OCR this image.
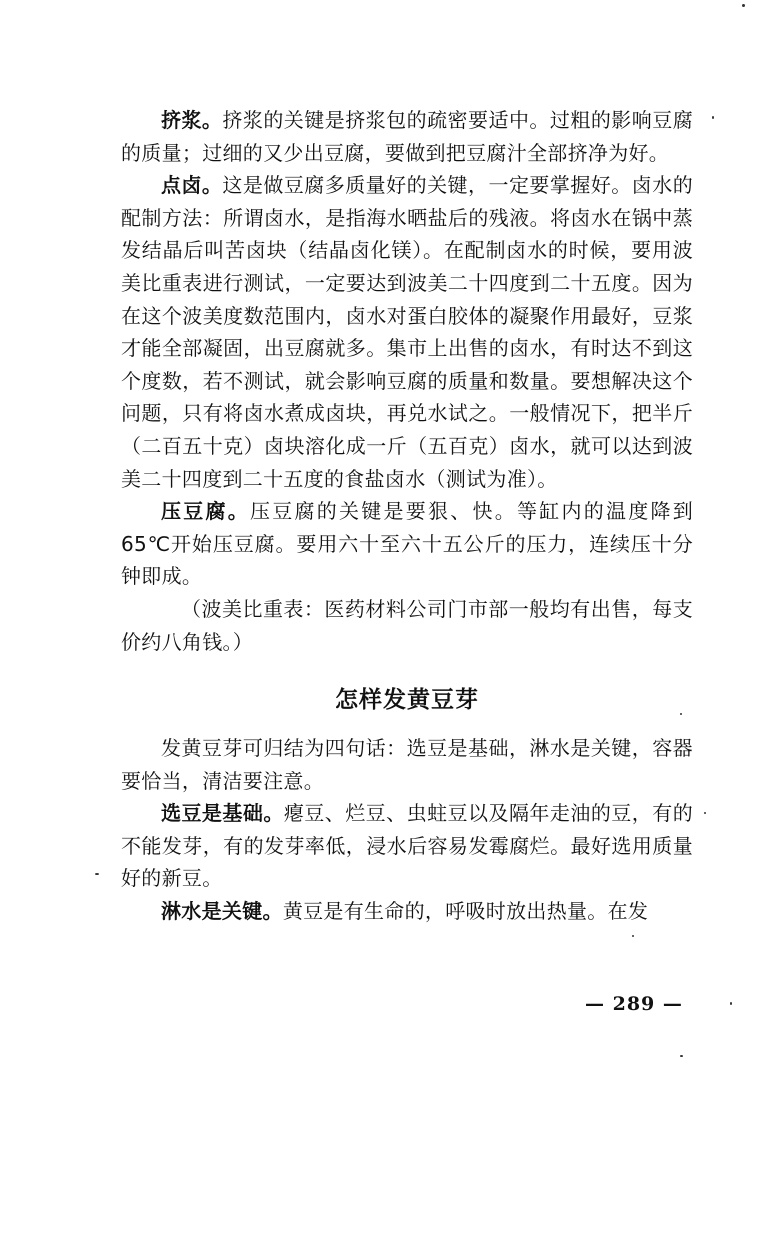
挤浆。挤浆的关键是挤浆包的疏密要适中。过粗的影响豆腐的质量；过细的又少出豆腐，要做到把豆腐汁全部挤净为好。

点卤。这是做豆腐多质量好的关键，一定要掌握好。卤水的配制方法：所谓卤水，是指海水晒盐后的残液。将卤水在锅中蒸发结晶后叫苦卤块（结晶卤化镁）。在配制卤水的时候，要用波美比重表进行测试，一定要达到波美二十四度到二十五度。因为在这个波美度数范围内，卤水对蛋白胶体的凝聚作用最好，豆浆才能全部凝固，出豆腐就多。集市上出售的卤水，有时达不到这个度数，若不测试，就会影响豆腐的质量和数量。要想解决这个问题，只有将卤水煮成卤块，再兑水试之。一般情况下，把半斤（二百五十克）卤块溶化成一斤（五百克）卤水，就可以达到波美二十四度到二十五度的食盐卤水（测试为准）。

压豆腐。压豆腐的关键是要狠、快。等缸内的温度降到65℃开始压豆腐。要用六十至六十五公斤的压力，连续压十分钟即成。

（波美比重表：医药材料公司门市部一般均有出售，每支价约八角钱。）

怎样发黄豆芽

发黄豆芽可归结为四句话：选豆是基础，淋水是关键，容器要恰当，清洁要注意。

选豆是基础。瘪豆、烂豆、虫蛀豆以及隔年走油的豆，有的不能发芽，有的发芽率低，浸水后容易发霉腐烂。最好选用质量好的新豆。

淋水是关键。黄豆是有生命的，呼吸时放出热量。在发

— 289 —
